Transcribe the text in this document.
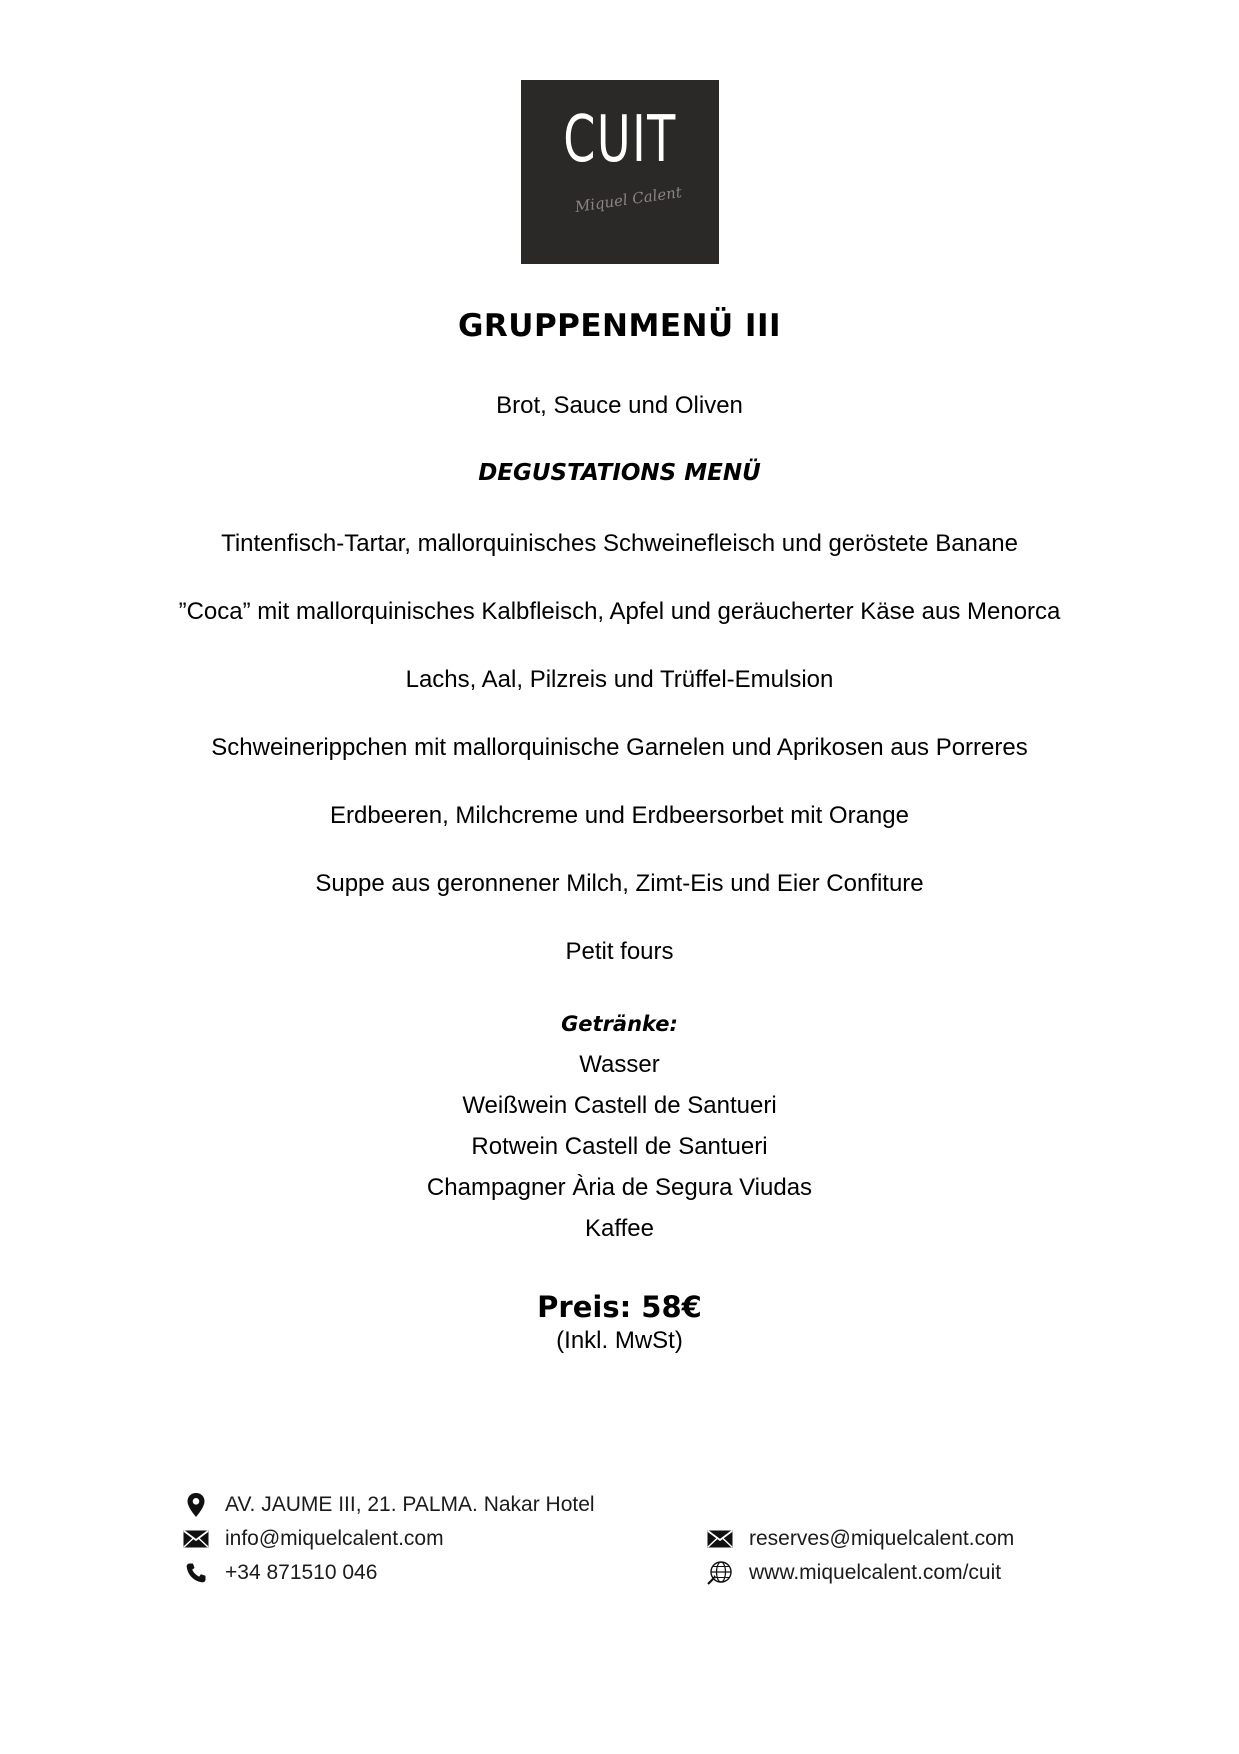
CUIT
Miquel Calent
GRUPPENMENÜ III
Brot, Sauce und Oliven
DEGUSTATIONS MENÜ
Tintenfisch-Tartar, mallorquinisches Schweinefleisch und geröstete Banane
”Coca” mit mallorquinisches Kalbfleisch, Apfel und geräucherter Käse aus Menorca
Lachs, Aal, Pilzreis und Trüffel-Emulsion
Schweinerippchen mit mallorquinische Garnelen und Aprikosen aus Porreres
Erdbeeren, Milchcreme und Erdbeersorbet mit Orange
Suppe aus geronnener Milch, Zimt-Eis und Eier Confiture
Petit fours
Getränke:
Wasser
Weißwein Castell de Santueri
Rotwein Castell de Santueri
Champagner Ària de Segura Viudas
Kaffee
Preis: 58€
(Inkl. MwSt)
AV. JAUME III, 21. PALMA. Nakar Hotel
info@miquelcalent.com
+34 871510 046
reserves@miquelcalent.com
www.miquelcalent.com/cuit
